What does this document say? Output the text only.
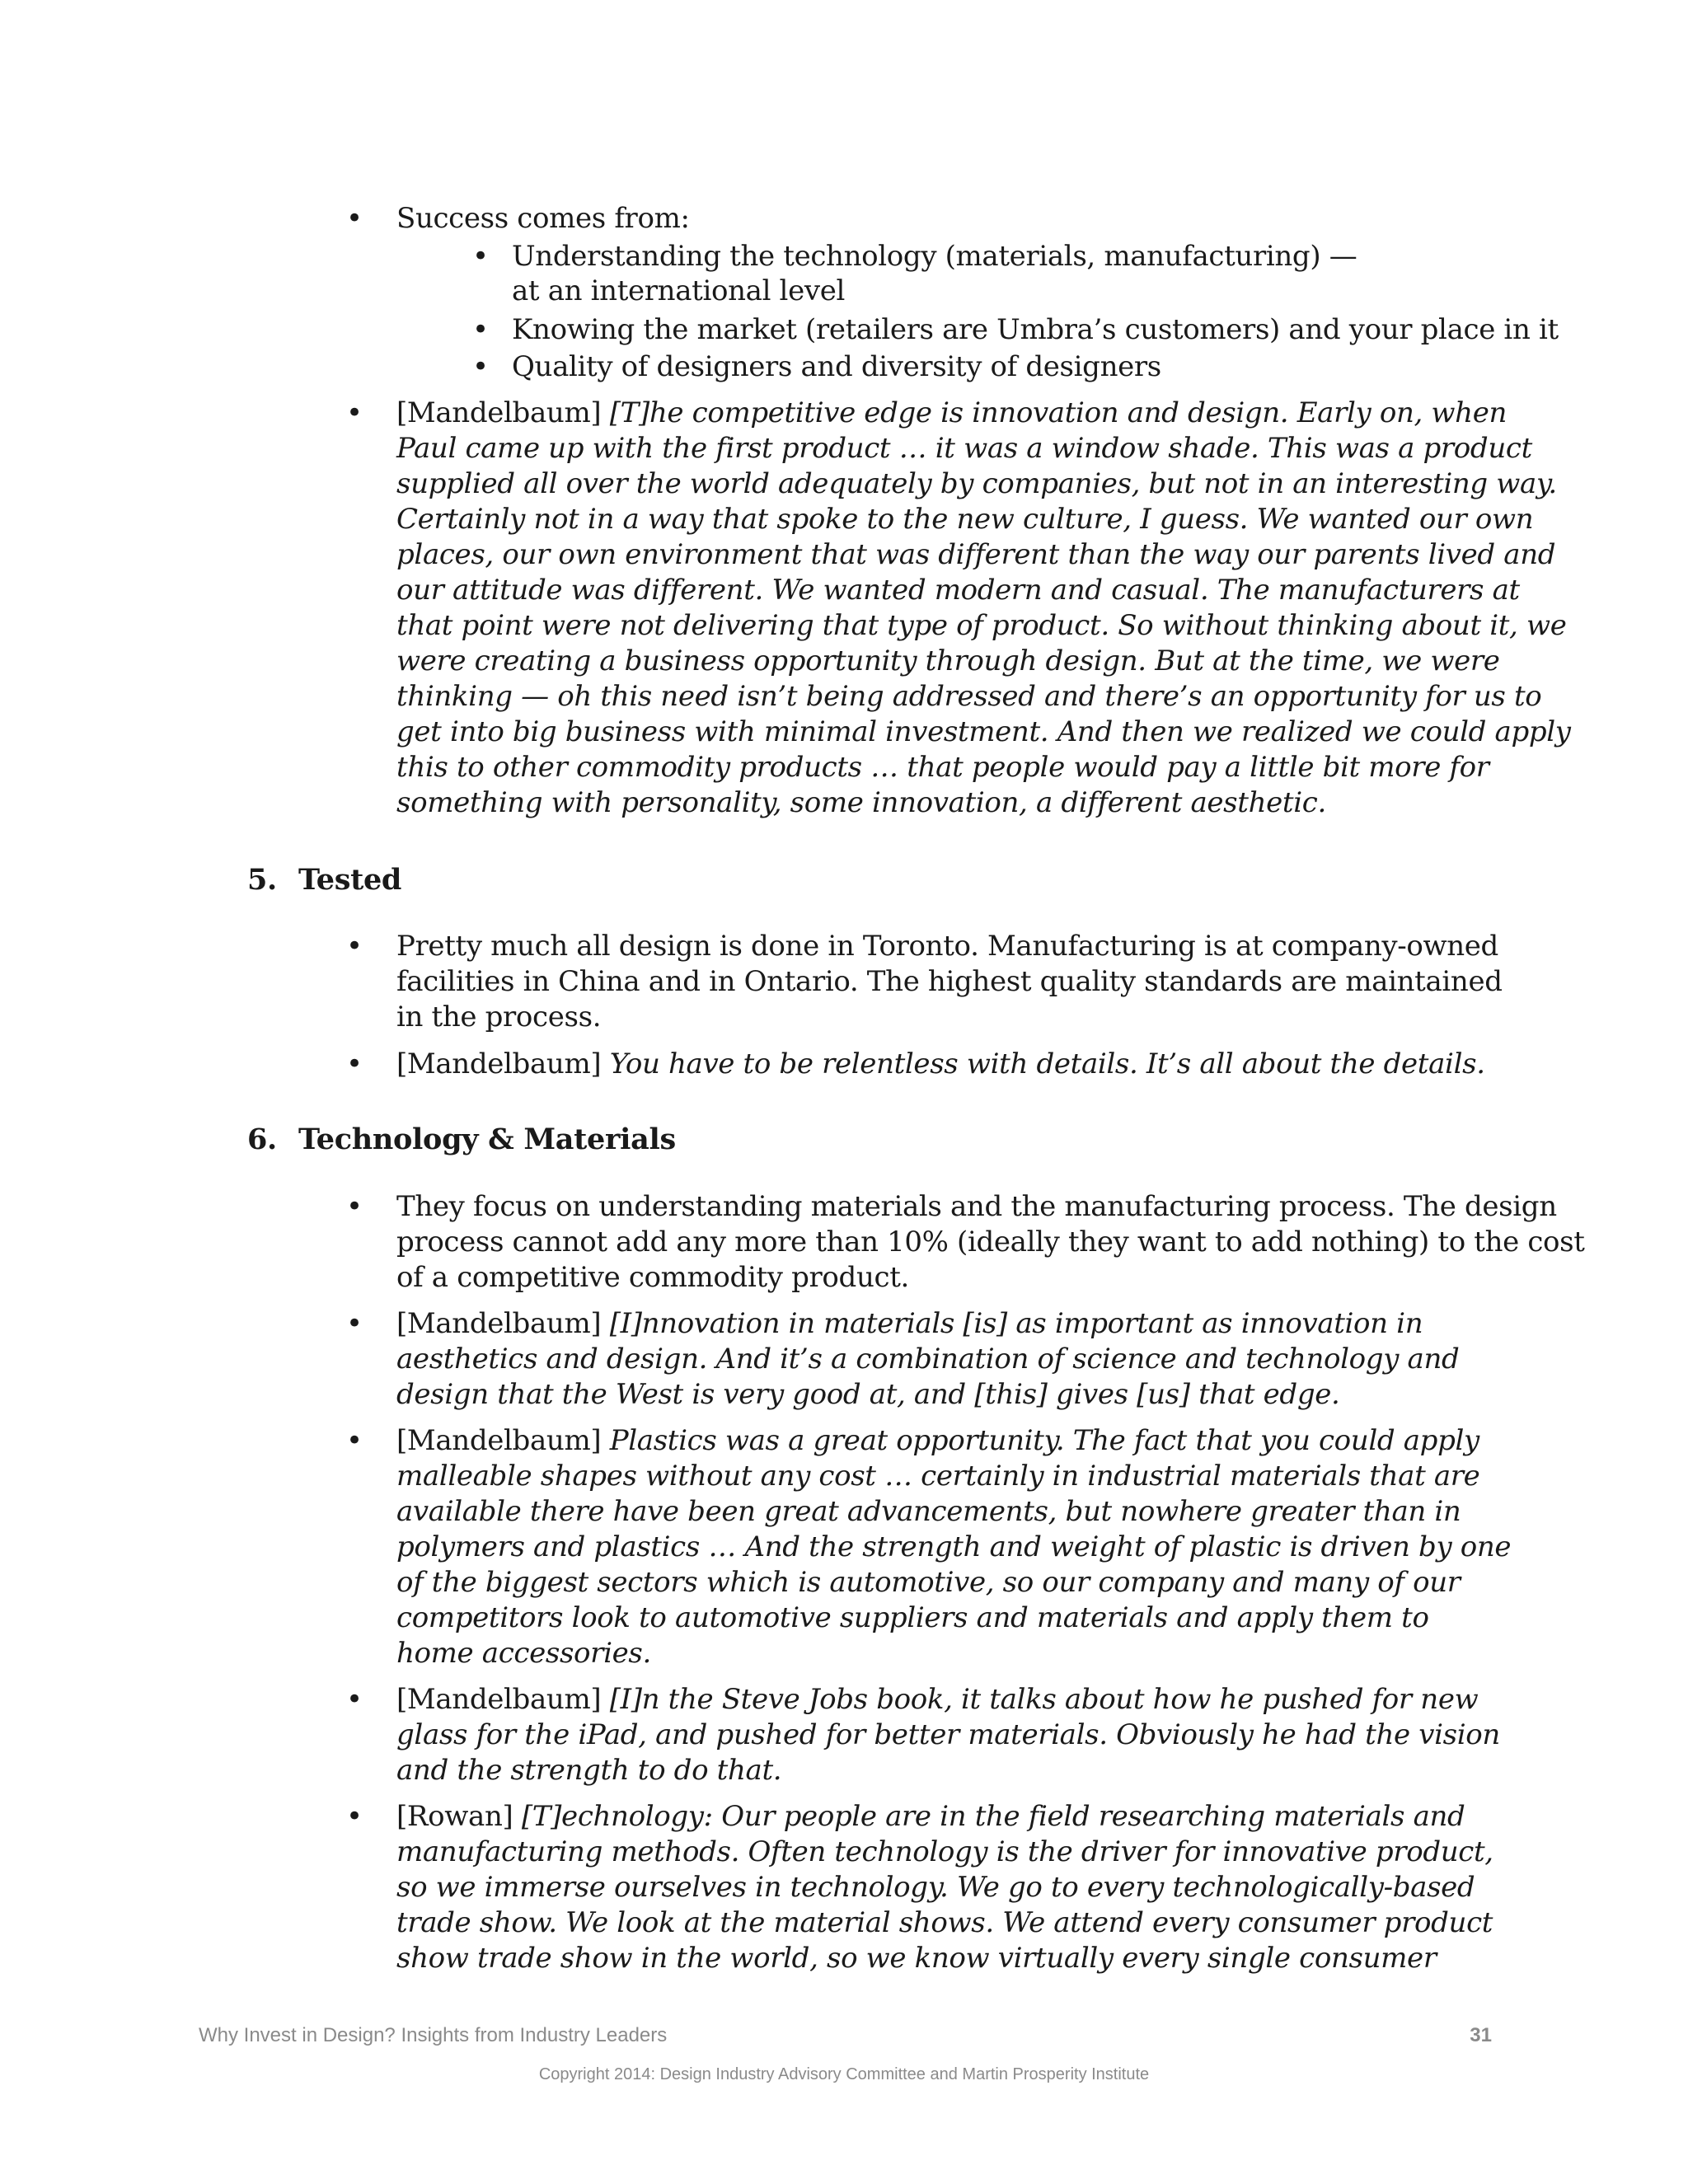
• Success comes from:
• Understanding the technology (materials, manufacturing) —
at an international level
• Knowing the market (retailers are Umbra’s customers) and your place in it
• Quality of designers and diversity of designers
• [Mandelbaum] [T]he competitive edge is innovation and design. Early on, when
Paul came up with the first product … it was a window shade. This was a product
supplied all over the world adequately by companies, but not in an interesting way.
Certainly not in a way that spoke to the new culture, I guess. We wanted our own
places, our own environment that was different than the way our parents lived and
our attitude was different. We wanted modern and casual. The manufacturers at
that point were not delivering that type of product. So without thinking about it, we
were creating a business opportunity through design. But at the time, we were
thinking — oh this need isn’t being addressed and there’s an opportunity for us to
get into big business with minimal investment. And then we realized we could apply
this to other commodity products … that people would pay a little bit more for
something with personality, some innovation, a different aesthetic.
5. Tested
• Pretty much all design is done in Toronto. Manufacturing is at company-owned
facilities in China and in Ontario. The highest quality standards are maintained
in the process.
• [Mandelbaum] You have to be relentless with details. It’s all about the details.
6. Technology & Materials
• They focus on understanding materials and the manufacturing process. The design
process cannot add any more than 10% (ideally they want to add nothing) to the cost
of a competitive commodity product.
• [Mandelbaum] [I]nnovation in materials [is] as important as innovation in
aesthetics and design. And it’s a combination of science and technology and
design that the West is very good at, and [this] gives [us] that edge.
• [Mandelbaum] Plastics was a great opportunity. The fact that you could apply
malleable shapes without any cost … certainly in industrial materials that are
available there have been great advancements, but nowhere greater than in
polymers and plastics … And the strength and weight of plastic is driven by one
of the biggest sectors which is automotive, so our company and many of our
competitors look to automotive suppliers and materials and apply them to
home accessories.
• [Mandelbaum] [I]n the Steve Jobs book, it talks about how he pushed for new
glass for the iPad, and pushed for better materials. Obviously he had the vision
and the strength to do that.
• [Rowan] [T]echnology: Our people are in the field researching materials and
manufacturing methods. Often technology is the driver for innovative product,
so we immerse ourselves in technology. We go to every technologically-based
trade show. We look at the material shows. We attend every consumer product
show trade show in the world, so we know virtually every single consumer
Why Invest in Design? Insights from Industry Leaders	31
Copyright 2014: Design Industry Advisory Committee and Martin Prosperity Institute
